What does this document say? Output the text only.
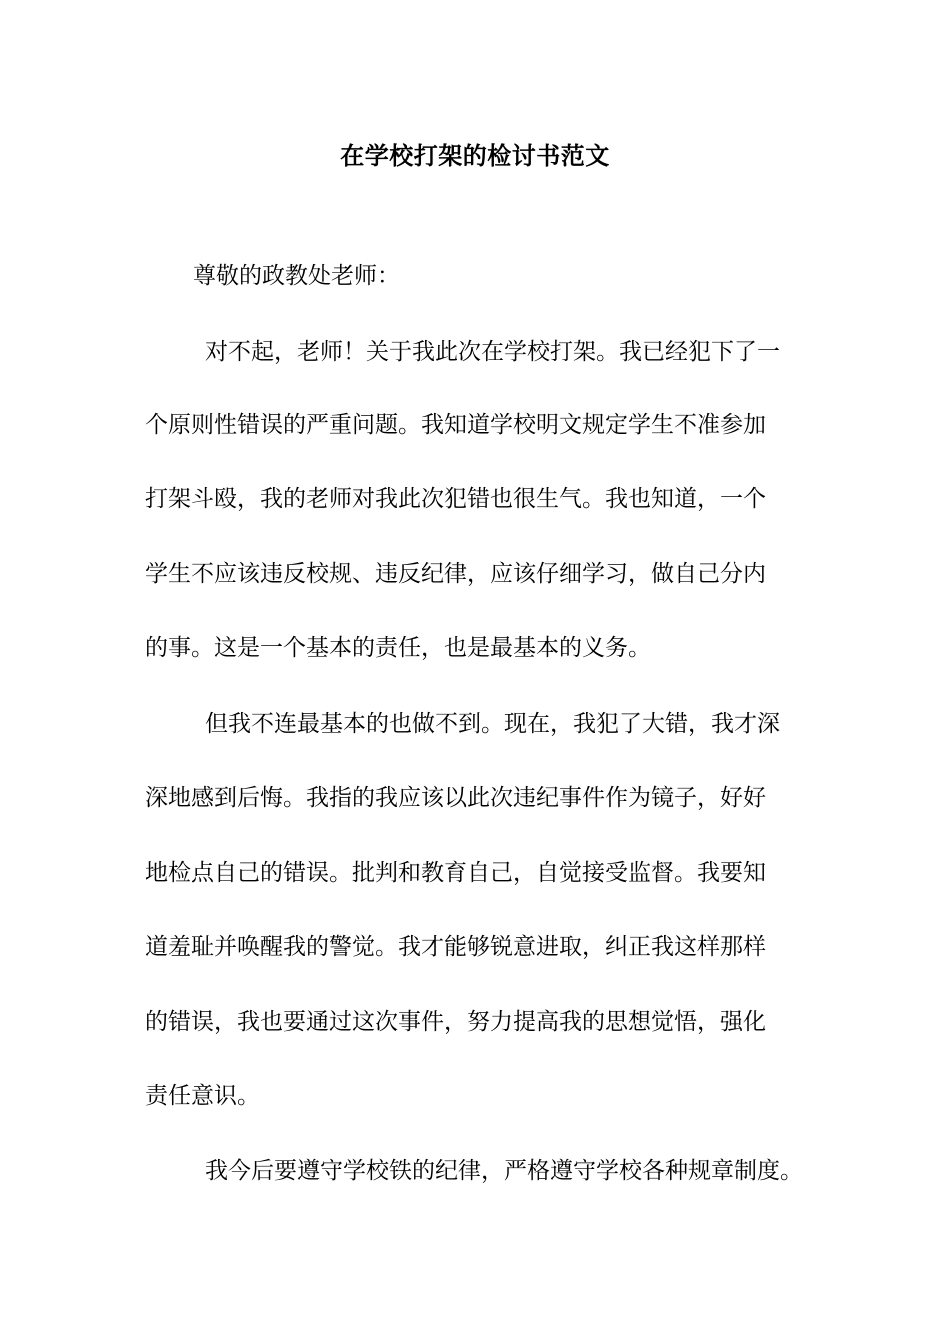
在学校打架的检讨书范文
尊敬的政教处老师：
对不起，老师！关于我此次在学校打架。我已经犯下了一
个原则性错误的严重问题。我知道学校明文规定学生不准参加
打架斗殴，我的老师对我此次犯错也很生气。我也知道，一个
学生不应该违反校规、违反纪律，应该仔细学习，做自己分内
的事。这是一个基本的责任，也是最基本的义务。
但我不连最基本的也做不到。现在，我犯了大错，我才深
深地感到后悔。我指的我应该以此次违纪事件作为镜子，好好
地检点自己的错误。批判和教育自己，自觉接受监督。我要知
道羞耻并唤醒我的警觉。我才能够锐意进取，纠正我这样那样
的错误，我也要通过这次事件，努力提高我的思想觉悟，强化
责任意识。
我今后要遵守学校铁的纪律，严格遵守学校各种规章制度。
